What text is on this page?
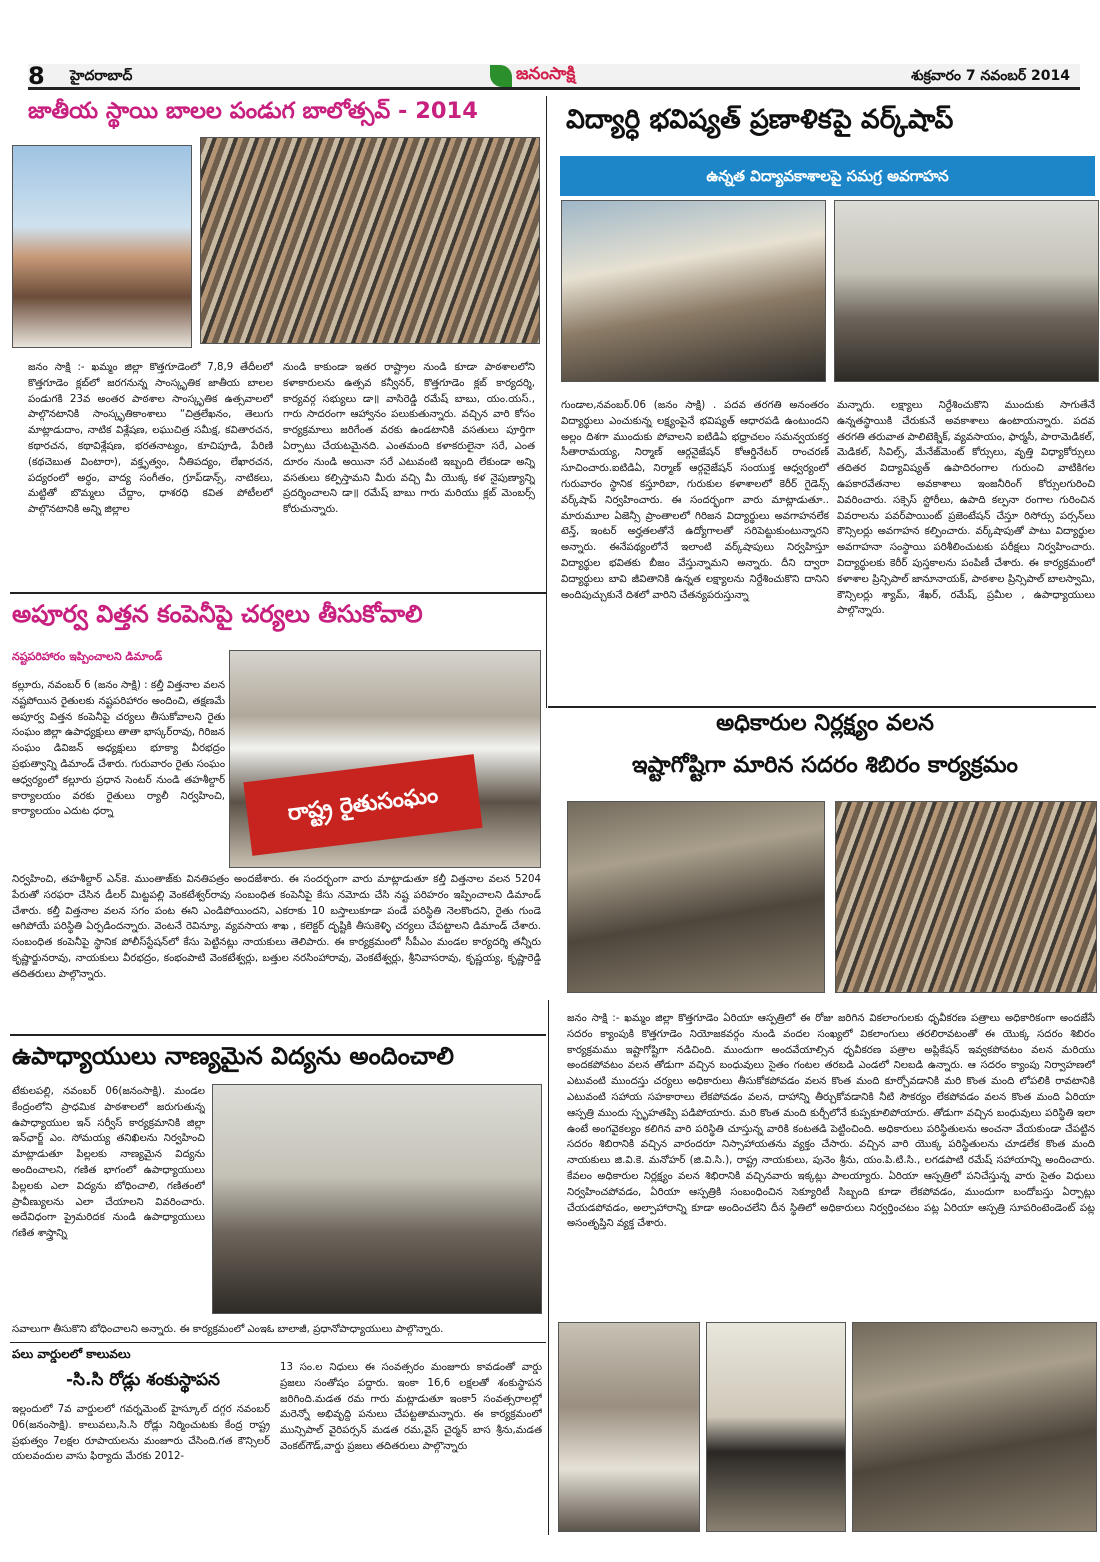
8 హైదరాబాద్	జనంసాక్షి	శుక్రవారం 7 నవంబర్ 2014
జాతీయ స్థాయి బాలల పండుగ బాలోత్సవ్ - 2014
జనం సాక్షి :- ఖమ్మం జిల్లా కొత్తగూడెంలో 7,8,9 తేదీలలో కొత్తగూడెం క్లబ్‌లో జరగనున్న సాంస్కృతిక జాతీయ బాలల పండుగకి 23వ అంతర పాఠశాల సాంస్కృతిక ఉత్సవాలలో పాల్గొనటానికి సాంస్కృతికాంశాలు “చిత్రలేఖనం, తెలుగు మాట్లాడుదాం, నాటిక విశ్లేషణ, లఘుచిత్ర సమీక్ష, కవితారచన, కథారచన, కథావిశ్లేషణ, భరతనాట్యం, కూచిపూడి, పేరిణి (కథచెబుత వింటారా), వక్తృత్వం, నీతిపద్యం, లేఖారచన, పద్యరంలో అర్ధం, వాద్య సంగీతం, గ్రూప్‌డాన్స్, నాటికలు, మట్టితో బొమ్మలు చేద్దాం, ధాశరధి కవిత పోటీలలో పాల్గొనటానికి అన్ని జిల్లాల
నుండి కాకుండా ఇతర రాష్ట్రాల నుండి కూడా పాఠశాలలోని కళాకారులను ఉత్సవ కన్వీనర్, కొత్తగూడెం క్లబ్ కార్యదర్శి, కార్యవర్గ సభ్యులు డా॥ వాసిరెడ్డి రమేష్ బాబు, యం.యస్., గారు సాదరంగా ఆహ్వానం పలుకుతున్నారు. వచ్చిన వారి కోసం కార్యక్రమాలు జరిగేంత వరకు ఉండటానికి వసతులు పూర్తిగా ఏర్పాటు చేయటమైనది. ఎంతమంది కళాకరులైనా సరే, ఎంత దూరం నుండి అయినా సరే ఎటువంటి ఇబ్బంది లేకుండా అన్ని వసతులు కల్పిస్తామని మీరు వచ్చి మీ యొక్క కళ నైపుణ్యాన్ని ప్రదర్శించాలని డా॥ రమేష్ బాబు గారు మరియు క్లబ్ మెంబర్స్ కోరుచున్నారు.
విద్యార్ధి భవిష్యత్ ప్రణాళికపై వర్క్‌షాప్
ఉన్నత విద్యావకాశాలపై సమగ్ర అవగాహన
గుండాల,నవంబర్.06 (జనం సాక్షి) . పదవ తరగతి అనంతరం విద్యార్థులు ఎంచుకున్న లక్ష్యంపైనే భవిష్యత్ ఆధారపడి ఉంటుందని అల్లం దిశగా ముందుకు పోవాలని ఐటిడిఏ భధ్రాచలం సమన్వయకర్త సీతారామయ్య, నిర్మాణ్ ఆర్గనైజేషన్ కోఆర్డినేటర్ రాంచరణ్ సూచించారు.ఐటిడిఏ, నిర్మాణ్ ఆర్గనైజేషన్ సంయుక్త ఆధ్వర్యంలో గురువారం స్థానిక కస్తూరిబా, గురుకుల కళాశాలలో కెరీర్ గైడెన్స్ వర్క్‌షాప్ నిర్వహించారు. ఈ సందర్భంగా వారు మాట్లాడుతూ.. మారుమూల ఏజెన్సీ ప్రాంతాలలో గిరిజన విద్యార్థులు అవగాహనలేక టెన్త్, ఇంటర్ అర్హతలతోనే ఉద్యోగాలతో సరిపెట్టుకుంటున్నారని అన్నారు. ఈనేపథ్యంలోనే ఇలాంటి వర్క్‌షాపులు నిర్వహిస్తూ విద్యార్థుల భవితకు బీజం వేస్తున్నామని అన్నారు. దీని ద్వారా విద్యార్థులు బావి జీవితానికి ఉన్నత లక్ష్యాలను నిర్దేశించుకొని దానిని అందిపుచ్చుకునే దిశలో వారిని చేతన్యపరుస్తున్నా
మన్నారు. లక్ష్యాలు నిర్దేశించుకొని ముందుకు సాగుతేనే ఉన్నతస్థాయికి చేరుకునే అవకాశాలు ఉంటాయన్నారు. పదవ తరగతి తరువాత పాలిటెక్నిక్, వ్యవసాయం, ఫార్మసీ, పారామెడికల్, మెడికల్, సివిల్స్, మేనేజ్‌మెంట్ కోర్సులు, వృత్తి విధ్యాకోర్సులు తదితర విద్యావిష్యత్ ఉపాదిరంగాల గురుంచి వాటికిగల ఉపకారవేతనాల అవకాశాలు ఇంజనీరింగ్ కోర్సులగురించి వివరించారు. సక్సెస్ స్టోరీలు, ఉపాది కల్పనా రంగాల గురించిన వివరాలను పవర్‌పాయింట్ ప్రజెంటేషన్ చేస్తూ రిసోర్సు పర్సన్‌లు కౌన్సిలర్లు అవగాహన కల్పించారు. వర్క్‌షాపుతో పాటు విద్యార్థుల అవగాహనా సంస్థాయి పరిశీలించుటకు పరీక్షలు నిర్వహించారు. విద్యార్థులకు కెరీర్ పుస్తకాలను పంపిణీ చేశారు. ఈ కార్యక్రమంలో కళాశాల ప్రిన్సిపాల్ జానూనాయక్, పాఠశాల ప్రిన్సిపాల్ బాలస్వామి, కౌన్సిలర్లు శ్యామ్, శేఖర్, రమేష్, ప్రమీల , ఉపాధ్యాయులు పాల్గొన్నారు.
అపూర్వ విత్తన కంపెనీపై చర్యలు తీసుకోవాలి
నష్టపరిహారం ఇప్పించాలని డిమాండ్
రాష్ట్ర రైతుసంఘం
కల్లూరు, నవంబర్ 6 (జనం సాక్షి) : కల్తీ విత్తనాల వలన నష్టపోయిన రైతులకు నష్టపరిహారం అందించి, తక్షణమే అపూర్వ విత్తన కంపెనీపై చర్యలు తీసుకోవాలని రైతు సంఘం జిల్లా ఉపాధ్యక్షులు తాతా భాస్కర్‌రావు, గిరిజన సంఘం డివిజన్ అధ్యక్షులు భూక్యా వీరభద్రం ప్రభుత్వాన్ని డిమాండ్ చేశారు. గురువారం రైతు సంఘం ఆధ్వర్యంలో కల్లూరు ప్రధాన సెంటర్ నుండి తహశీల్దార్ కార్యాలయం వరకు రైతులు ర్యాలీ నిర్వహించి, కార్యాలయం ఎదుట ధర్నా
నిర్వహించి, తహశీల్దార్ ఎన్‌కె. ముంతాజ్‌కు వినతిపత్రం అందజేశారు. ఈ సందర్భంగా వారు మాట్లాడుతూ కల్తీ విత్తనాల వలన 5204 పేరుతో సరఫరా చేసిన డీలర్ మిట్టపల్లి వెంకటేశ్వర్‌రావు సంబంధిత కంపెనీపై కేసు నమోదు చేసి నష్ట పరిహరం ఇప్పించాలని డిమాండ్ చేశారు. కల్తీ విత్తనాల వలన సగం పంట ఈని ఎండిపోయిందని, ఎకరాకు 10 బస్తాలుకూడా పండే పరిస్థితి నెలకొందని, రైతు గుండె ఆగిపోయే పరిస్థితి ఏర్పడిందన్నారు. వెంటనే రెవిన్యూ, వ్యవసాయ శాఖ , కలెక్టర్ దృష్టికి తీసుకెళ్ళి చర్యలు చేపట్టాలని డిమాండ్ చేశారు. సంబంధిత కంపెనీపై స్థానిక పోలీస్‌స్టేషన్‌లో కేసు పెట్టినట్లు నాయకులు తెలిపారు. ఈ కార్యక్రమంలో సీపీఎం మండల కార్యదర్శి తన్నీరు కృష్ణార్జునరావు, నాయకులు వీరభద్రం, కంభంపాటి వెంకటేశ్వర్లు, బత్తుల నరసింహారావు, వెంకటేశ్వర్లు, శ్రీనివాసరావు, కృష్ణయ్య, కృష్ణారెడ్డి తదితరులు పాల్గొన్నారు.
అధికారుల నిర్లక్ష్యం వలన
ఇష్టాగోష్టిగా మారిన సదరం శిబిరం కార్యక్రమం
జనం సాక్షి :- ఖమ్మం జిల్లా కొత్తగూడెం ఏరియా ఆస్పత్రిలో ఈ రోజు జరిగిన వికలాంగులకు ధృవీకరణ పత్రాలు అధికారికంగా అందజేసే సదరం క్యాంపుకి కొత్తగూడెం నియోజకవర్గం నుండి వందల సంఖ్యలో వికలాంగులు తరలిరావటంతో ఈ యొక్క సదరం శిబిరం కార్యక్రమము ఇష్టాగోష్టిగా నడిచింది. ముందుగా అందవేయాల్సిన ధృవీకరణ పత్రాల అప్లికేషన్ ఇవ్వకపోవటం వలన మరియు అందకపోవటం వలన తోడుగా వచ్చిన బంధువులు సైతం గంటల తరబడి ఎండలో నిలబడి ఉన్నారు. ఆ సదరం క్యాంపు నిర్వాహణలో ఎటువంటి ముందస్తు చర్యలు అధికారులు తీసుకోకపోవడం వలన కొంత మంది కూర్చోవడానికి మరి కొంత మంది లోపలికి రావటానికి ఎటువంటి సహాయ సహకారాలు లేకపోవడం వలన, దాహాన్ని తీర్చుకోవడానికి నీటి సౌకర్యం లేకపోవడం వలన కొంత మంది ఏరియా ఆస్పత్రి ముందు స్పృహతప్పి పడిపోయారు. మరి కొంత మంది కుర్చీలోనే కుప్పకూలిపోయారు. తోడుగా వచ్చిన బంధువులు పరిస్థితి ఇలా ఉంటే అంగవైకల్యం కలిగిన వారి పరిస్థితి చూస్తున్న వారికి కంటతడి పెట్టించింది. అధికారులు పరిస్థితులను అంచనా వేయకుండా చేపట్టిన సదరం శిబిరానికి వచ్చిన వారందరూ నిస్సాహాయతను వ్యక్తం చేసారు. వచ్చిన వారి యొక్క పరిస్థితులను చూడలేక కొంత మంది నాయకులు జి.వి.కె. మనోహర్ (జి.వి.సి.), రాష్ట్ర నాయకులు, పునెం శ్రీను, యం.పి.టి.సి., లగడపాటి రమేష్ సహాయాన్ని అందించారు. కేవలం అధికారుల నిర్లక్ష్యం వలన శిభిరానికి వచ్చినవారు ఇక్కట్లు పాలయ్యారు. ఏరియా ఆస్పత్రిలో పనిచేస్తున్న వారు సైతం విధులు నిర్వహించపోవడం, ఏరియా ఆస్పత్రికి సంబంధించిన సెక్యూరిటీ సిబ్బంది కూడా లేకపోవడం, ముందుగా బందోబస్తు ఏర్పాట్లు చేయడపోవడం, అల్పాహారాన్ని కూడా అందించలేని దీన స్థితిలో అధికారులు నిర్వర్తించటం పట్ల ఏరియా ఆస్పత్రి సూపరింటెండెంట్ పట్ల అసంతృప్తిని వ్యక్త చేశారు.
ఉపాధ్యాయులు నాణ్యమైన విద్యను అందించాలి
టేకులపల్లి, నవంబర్ 06(జనంసాక్షి). మండల కేంద్రంలోని ప్రాధమిక పాఠశాలలో జరుగుతున్న ఉపాధ్యాయుల ఇన్ సర్వీస్ కార్యక్రమానికి జిల్లా ఇన్‌ఛార్జ్ ఎం. సోమయ్య తనిఖిలను నిర్వహించి మాట్లాడుతూ పిల్లలకు నాణ్యమైన విద్యను అందించాలని, గణిత భాగంలో ఉపాధ్యాయులు పిల్లలకు ఎలా విద్యను బోధించాలి, గణితంలో ప్రావీణ్యులను ఎలా చేయాలని వివరించారు. అదేవిధంగా ప్రైమరిదక నుండి ఉపాధ్యాయులు గణిత శాస్త్రాన్ని
సవాలుగా తీసుకొని బోధించాలని అన్నారు. ఈ కార్యక్రమంలో ఎంఇఓ బాలాజీ, ప్రధానోపాధ్యాయులు పాల్గొన్నారు.
పలు వార్డులలో కాలువలు
-సి.సి రోడ్లు శంకుస్థాపన
ఇల్లందులో 7వ వార్డులలో గవర్నమెంట్ హైస్కూల్ దగ్గర నవంబర్ 06(జనంసాక్షి). కాలువలు,సి.సి రోడ్లు నిర్మించుటకు కేంద్ర రాష్ట్ర ప్రభుత్వం 7లక్షల రూపాయలను మంజూరు చేసింది.గత కౌన్సిలర్ యలవందుల వాసు ఫిర్యాదు మేరకు 2012-
13 సం.ల నిధులు ఈ సంవత్సరం మంజూరు కావడంతో వార్డు ప్రజలు సంతోషం పద్దారు. ఇంకా 16,6 లక్షలతో శంకుస్థాపన జరిగింది.మడత రమ గారు మట్లాడుతూ ఇంకా5 సంవత్సరాలల్లో మరెన్నో అభివృద్ది పనులు చేపట్టతామన్నారు. ఈ కార్యక్రమంలో మున్సిపాల్ వైరిపర్సన్ మడత రమ,వైస్ చైర్మన్ బాస శ్రీను,మడత వెంకట్‌గౌడ్,వార్డు ప్రజలు తదితరులు పాల్గొన్నారు
